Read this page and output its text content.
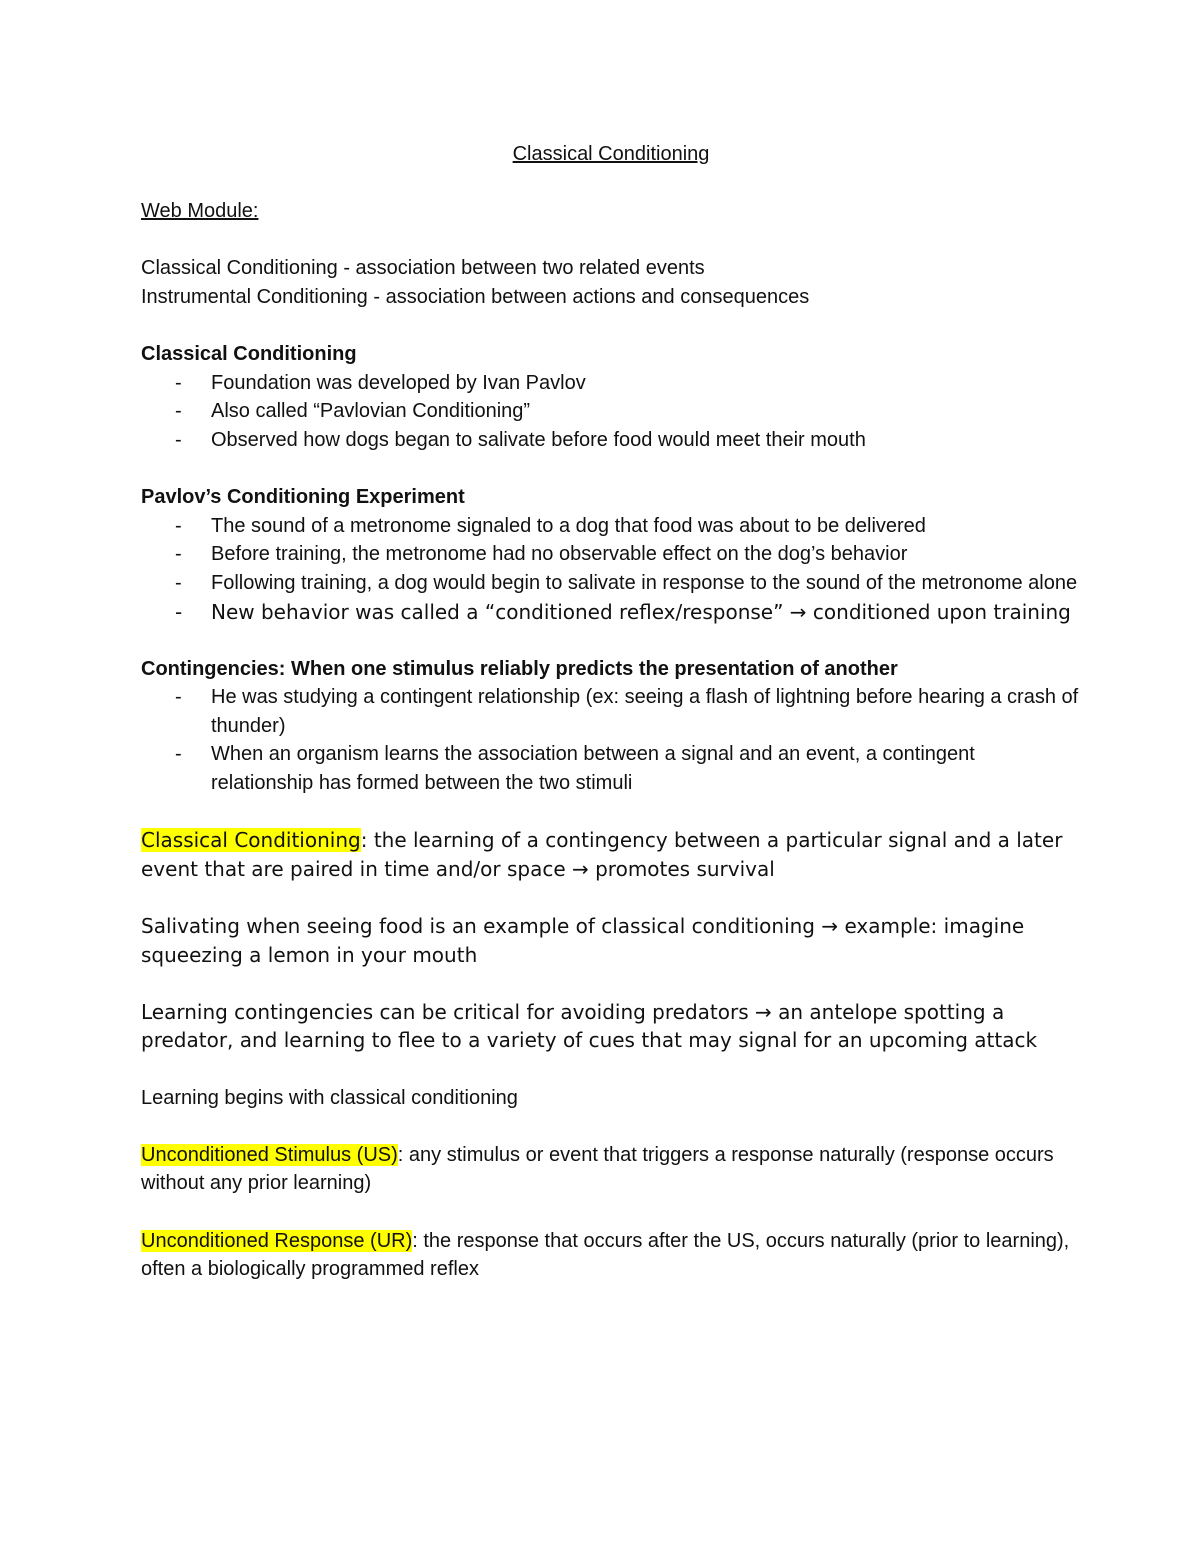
Classical Conditioning

Web Module:

Classical Conditioning - association between two related events

Instrumental Conditioning - association between actions and consequences

Classical Conditioning

- Foundation was developed by Ivan Pavlov
- Also called “Pavlovian Conditioning”
- Observed how dogs began to salivate before food would meet their mouth

Pavlov’s Conditioning Experiment

- The sound of a metronome signaled to a dog that food was about to be delivered
- Before training, the metronome had no observable effect on the dog’s behavior
- Following training, a dog would begin to salivate in response to the sound of the metronome alone
- New behavior was called a “conditioned reflex/response” → conditioned upon training

Contingencies: When one stimulus reliably predicts the presentation of another

- He was studying a contingent relationship (ex: seeing a flash of lightning before hearing a crash of thunder)
- When an organism learns the association between a signal and an event, a contingent relationship has formed between the two stimuli

Classical Conditioning: the learning of a contingency between a particular signal and a later event that are paired in time and/or space → promotes survival

Salivating when seeing food is an example of classical conditioning → example: imagine squeezing a lemon in your mouth

Learning contingencies can be critical for avoiding predators → an antelope spotting a predator, and learning to flee to a variety of cues that may signal for an upcoming attack

Learning begins with classical conditioning

Unconditioned Stimulus (US): any stimulus or event that triggers a response naturally (response occurs without any prior learning)

Unconditioned Response (UR): the response that occurs after the US, occurs naturally (prior to learning), often a biologically programmed reflex
